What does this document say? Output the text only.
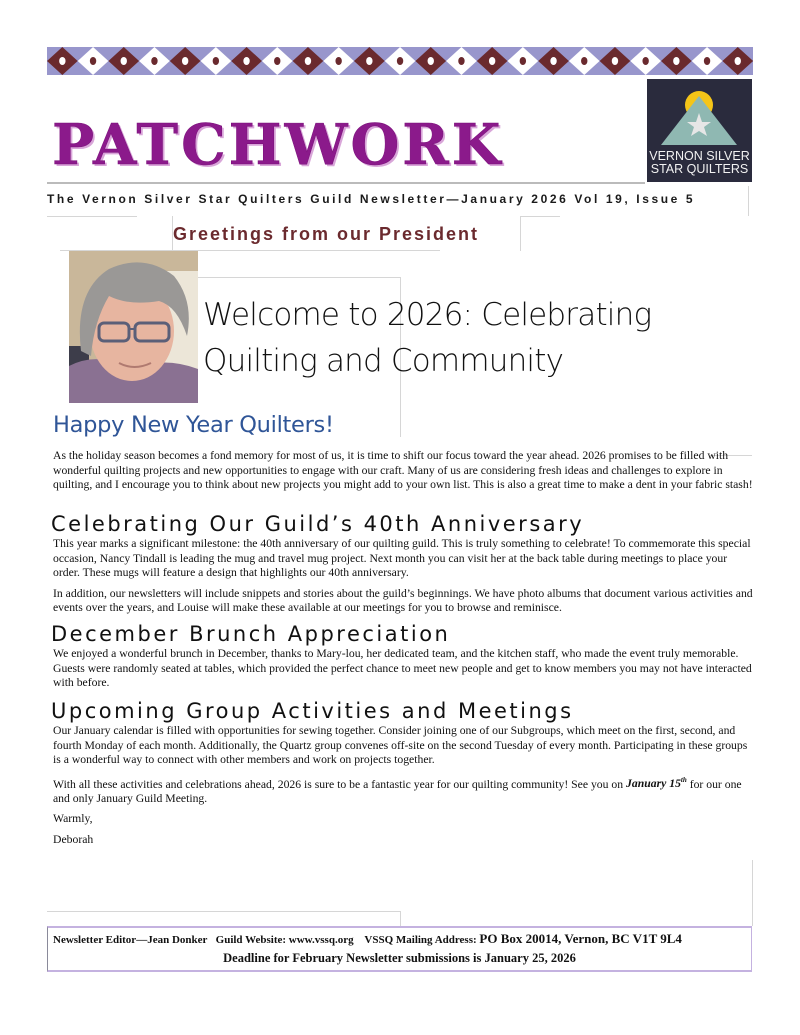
VERNON SILVER
STAR QUILTERS
PATCHWORK
The Vernon Silver Star Quilters Guild Newsletter—January 2026 Vol 19, Issue 5
Greetings from our President
Welcome to 2026: Celebrating
Quilting and Community
Happy New Year Quilters!

As the holiday season becomes a fond memory for most of us, it is time to shift our focus toward the year ahead. 2026 promises to be filled with wonderful quilting projects and new opportunities to engage with our craft. Many of us are considering fresh ideas and challenges to explore in quilting, and I encourage you to think about new projects you might add to your own list. This is also a great time to make a dent in your fabric stash!

Celebrating Our Guild’s 40th Anniversary

This year marks a significant milestone: the 40th anniversary of our quilting guild. This is truly something to celebrate! To commemorate this special occasion, Nancy Tindall is leading the mug and travel mug project. Next month you can visit her at the back table during meetings to place your order. These mugs will feature a design that highlights our 40th anniversary.

In addition, our newsletters will include snippets and stories about the guild’s beginnings. We have photo albums that document various activities and events over the years, and Louise will make these available at our meetings for you to browse and reminisce.

December Brunch Appreciation

We enjoyed a wonderful brunch in December, thanks to Mary-lou, her dedicated team, and the kitchen staff, who made the event truly memorable. Guests were randomly seated at tables, which provided the perfect chance to meet new people and get to know members you may not have interacted with before.

Upcoming Group Activities and Meetings

Our January calendar is filled with opportunities for sewing together. Consider joining one of our Subgroups, which meet on the first, second, and fourth Monday of each month. Additionally, the Quartz group convenes off-site on the second Tuesday of every month. Participating in these groups is a wonderful way to connect with other members and work on projects together.

With all these activities and celebrations ahead, 2026 is sure to be a fantastic year for our quilting community! See you on January 15th for our one and only January Guild Meeting.

Warmly,

Deborah

Newsletter Editor—Jean Donker Guild Website: www.vssq.org VSSQ Mailing Address: PO Box 20014, Vernon, BC V1T 9L4
Deadline for February Newsletter submissions is January 25, 2026
